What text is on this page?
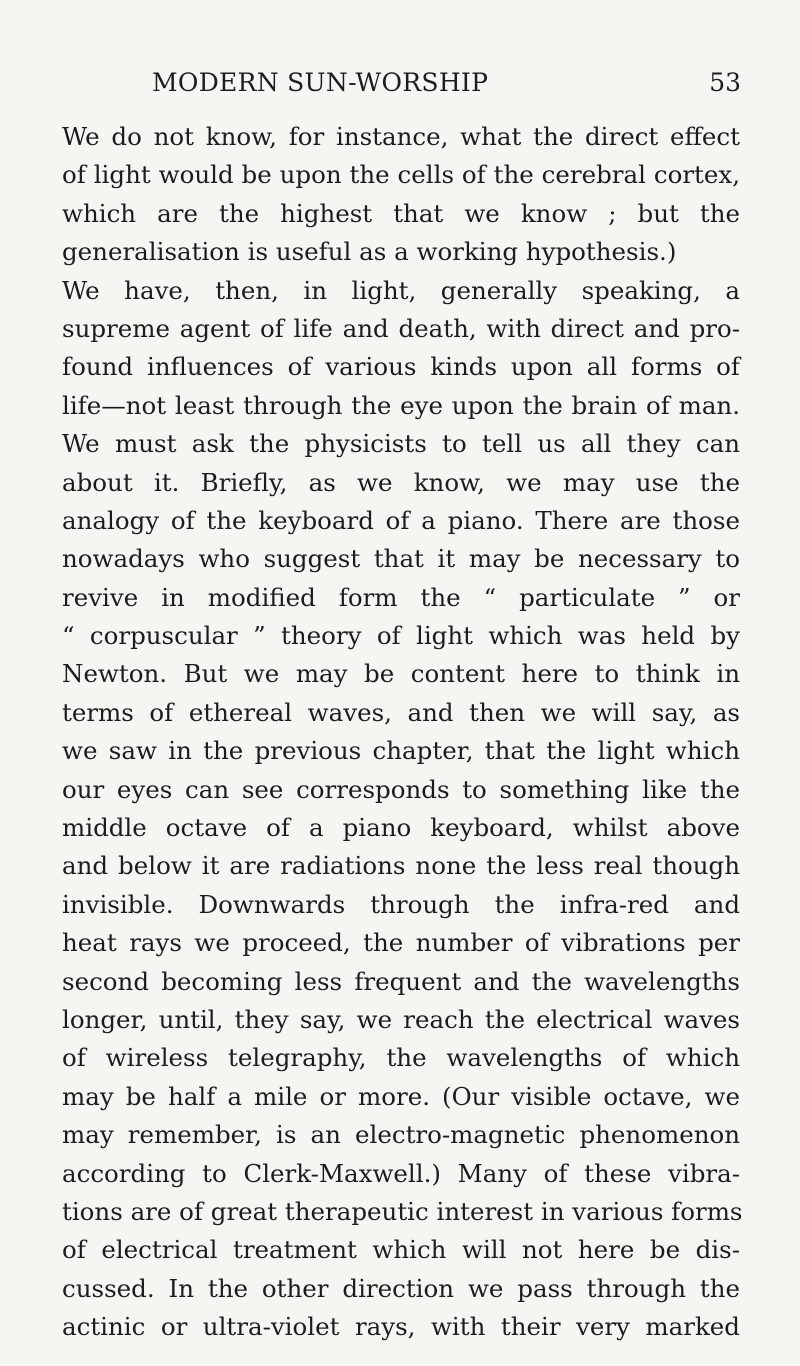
MODERN SUN-WORSHIP	53
We do not know, for instance, what the direct effect
of light would be upon the cells of the cerebral cortex,
which are the highest that we know ; but the
generalisation is useful as a working hypothesis.)
We have, then, in light, generally speaking, a
supreme agent of life and death, with direct and pro-
found influences of various kinds upon all forms of
life—not least through the eye upon the brain of man.
We must ask the physicists to tell us all they can
about it. Briefly, as we know, we may use the
analogy of the keyboard of a piano. There are those
nowadays who suggest that it may be necessary to
revive in modified form the “ particulate ” or
“ corpuscular ” theory of light which was held by
Newton. But we may be content here to think in
terms of ethereal waves, and then we will say, as
we saw in the previous chapter, that the light which
our eyes can see corresponds to something like the
middle octave of a piano keyboard, whilst above
and below it are radiations none the less real though
invisible. Downwards through the infra-red and
heat rays we proceed, the number of vibrations per
second becoming less frequent and the wavelengths
longer, until, they say, we reach the electrical waves
of wireless telegraphy, the wavelengths of which
may be half a mile or more. (Our visible octave, we
may remember, is an electro-magnetic phenomenon
according to Clerk-Maxwell.) Many of these vibra-
tions are of great therapeutic interest in various forms
of electrical treatment which will not here be dis-
cussed. In the other direction we pass through the
actinic or ultra-violet rays, with their very marked
